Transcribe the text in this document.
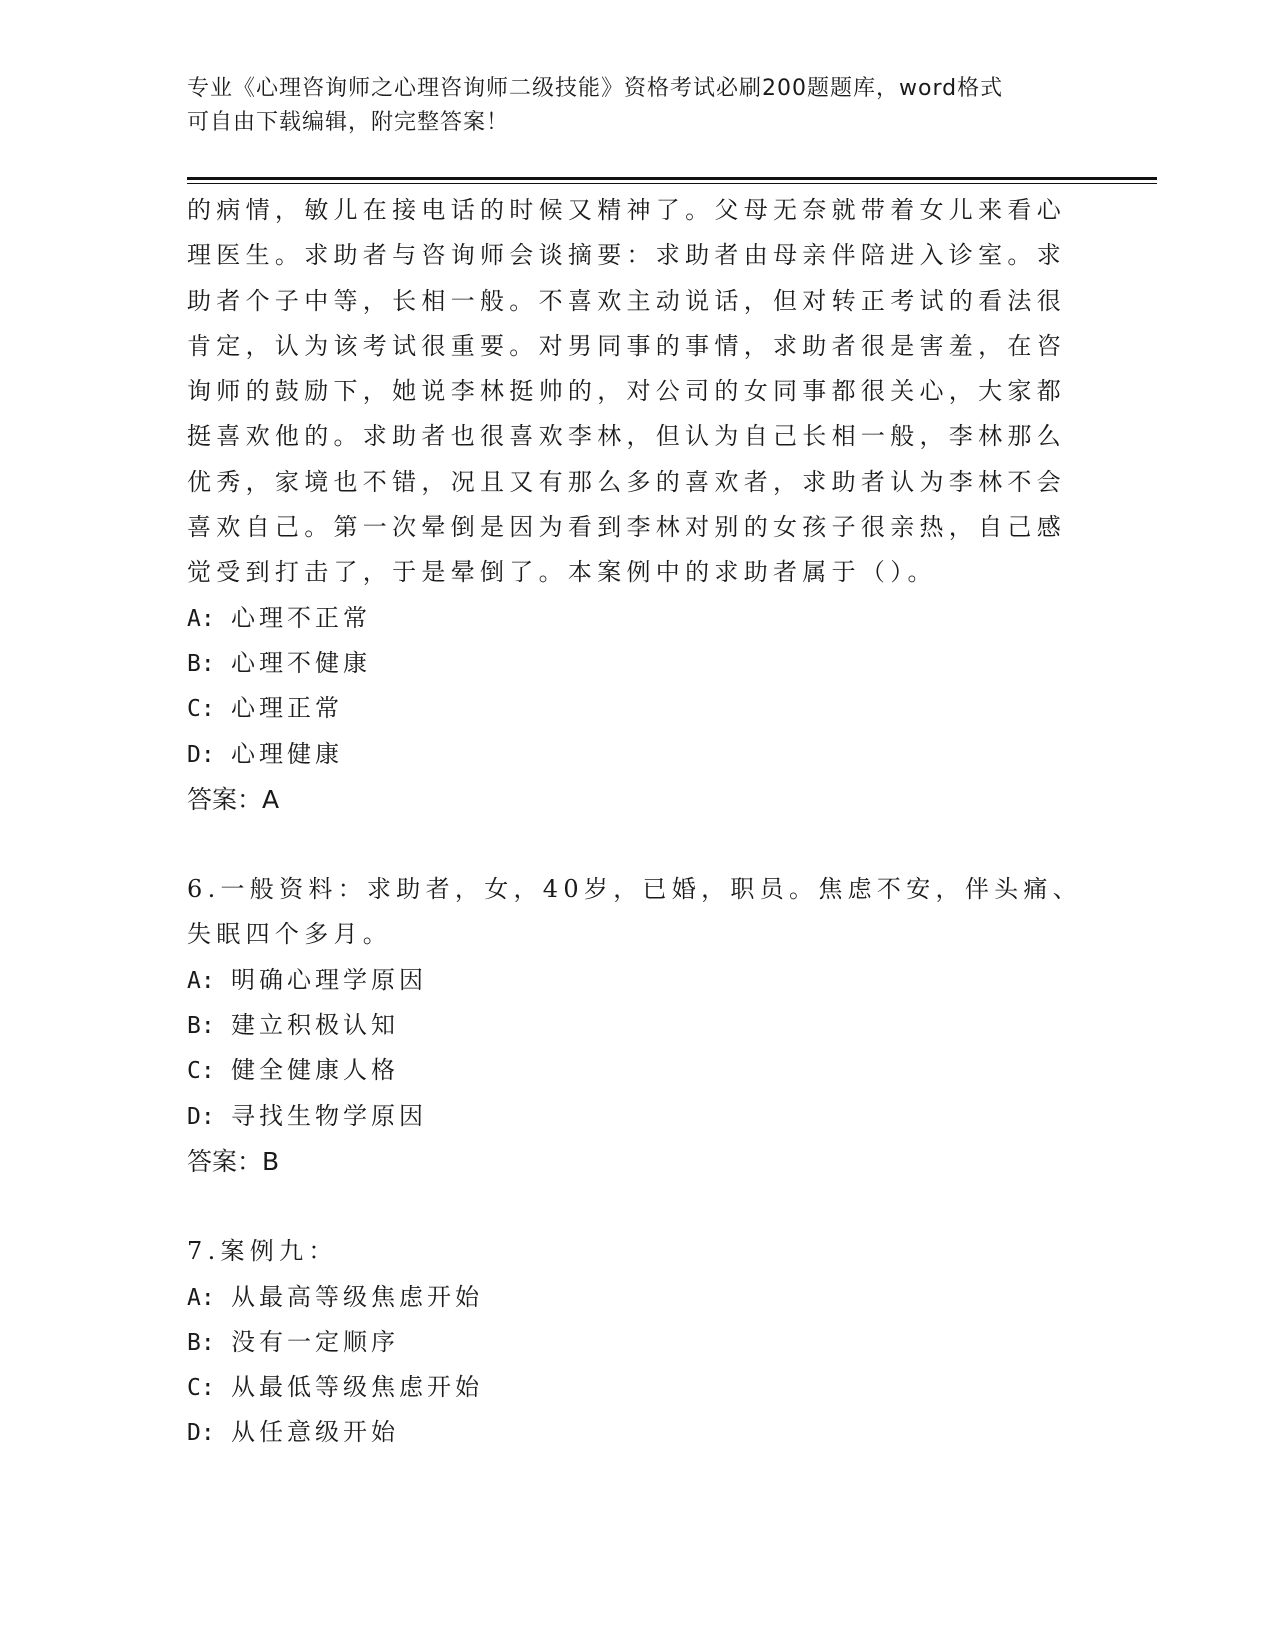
专业《心理咨询师之心理咨询师二级技能》资格考试必刷200题题库，word格式
可自由下载编辑，附完整答案！
的病情，敏儿在接电话的时候又精神了。父母无奈就带着女儿来看心
理医生。求助者与咨询师会谈摘要：求助者由母亲伴陪进入诊室。求
助者个子中等，长相一般。不喜欢主动说话，但对转正考试的看法很
肯定，认为该考试很重要。对男同事的事情，求助者很是害羞，在咨
询师的鼓励下，她说李林挺帅的，对公司的女同事都很关心，大家都
挺喜欢他的。求助者也很喜欢李林，但认为自己长相一般，李林那么
优秀，家境也不错，况且又有那么多的喜欢者，求助者认为李林不会
喜欢自己。第一次晕倒是因为看到李林对别的女孩子很亲热，自己感
觉受到打击了，于是晕倒了。本案例中的求助者属于（）。
A: 心理不正常
B: 心理不健康
C: 心理正常
D: 心理健康
答案：A
6.一般资料：求助者，女，40岁，已婚，职员。焦虑不安，伴头痛、
失眠四个多月。
A: 明确心理学原因
B: 建立积极认知
C: 健全健康人格
D: 寻找生物学原因
答案：B
7.案例九：
A: 从最高等级焦虑开始
B: 没有一定顺序
C: 从最低等级焦虑开始
D: 从任意级开始
